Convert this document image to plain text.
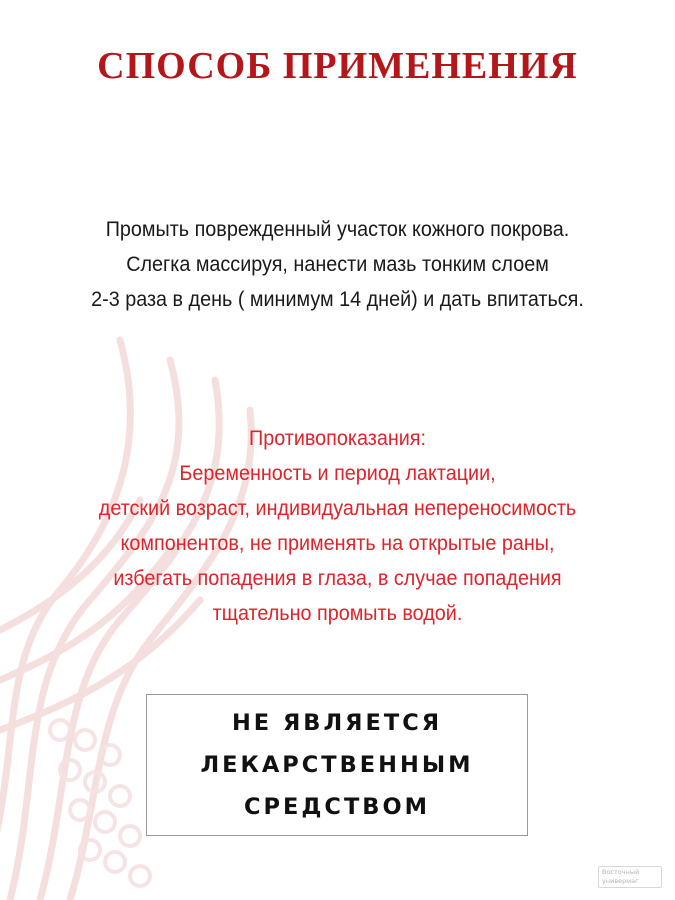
СПОСОБ ПРИМЕНЕНИЯ
Промыть поврежденный участок кожного покрова.
Слегка массируя, нанести мазь тонким слоем
2-3 раза в день ( минимум 14 дней) и дать впитаться.
Противопоказания:
Беременность и период лактации,
детский возраст, индивидуальная непереносимость
компонентов, не применять на открытые раны,
избегать попадения в глаза, в случае попадения
тщательно промыть водой.
НЕ ЯВЛЯЕТСЯ
ЛЕКАРСТВЕННЫМ
СРЕДСТВОМ
Восточный
универмаг
